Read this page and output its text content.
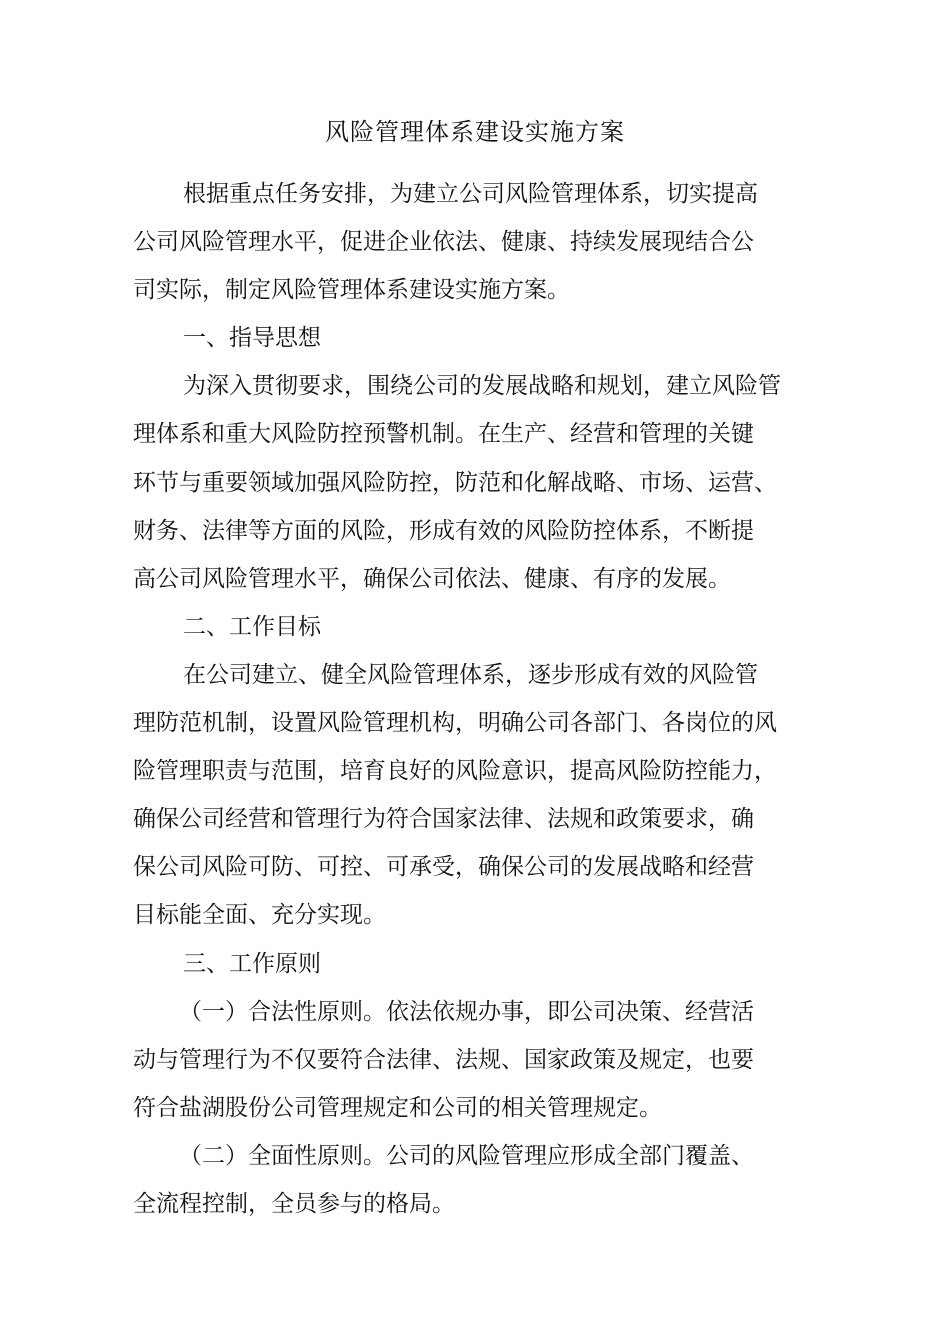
风险管理体系建设实施方案
根据重点任务安排，为建立公司风险管理体系，切实提高
公司风险管理水平，促进企业依法、健康、持续发展现结合公
司实际，制定风险管理体系建设实施方案。
一、指导思想
为深入贯彻要求，围绕公司的发展战略和规划，建立风险管
理体系和重大风险防控预警机制。在生产、经营和管理的关键
环节与重要领域加强风险防控，防范和化解战略、市场、运营、
财务、法律等方面的风险，形成有效的风险防控体系，不断提
高公司风险管理水平，确保公司依法、健康、有序的发展。
二、工作目标
在公司建立、健全风险管理体系，逐步形成有效的风险管
理防范机制，设置风险管理机构，明确公司各部门、各岗位的风
险管理职责与范围，培育良好的风险意识，提高风险防控能力，
确保公司经营和管理行为符合国家法律、法规和政策要求，确
保公司风险可防、可控、可承受，确保公司的发展战略和经营
目标能全面、充分实现。
三、工作原则
（一）合法性原则。依法依规办事，即公司决策、经营活
动与管理行为不仅要符合法律、法规、国家政策及规定，也要
符合盐湖股份公司管理规定和公司的相关管理规定。
（二）全面性原则。公司的风险管理应形成全部门覆盖、
全流程控制，全员参与的格局。
